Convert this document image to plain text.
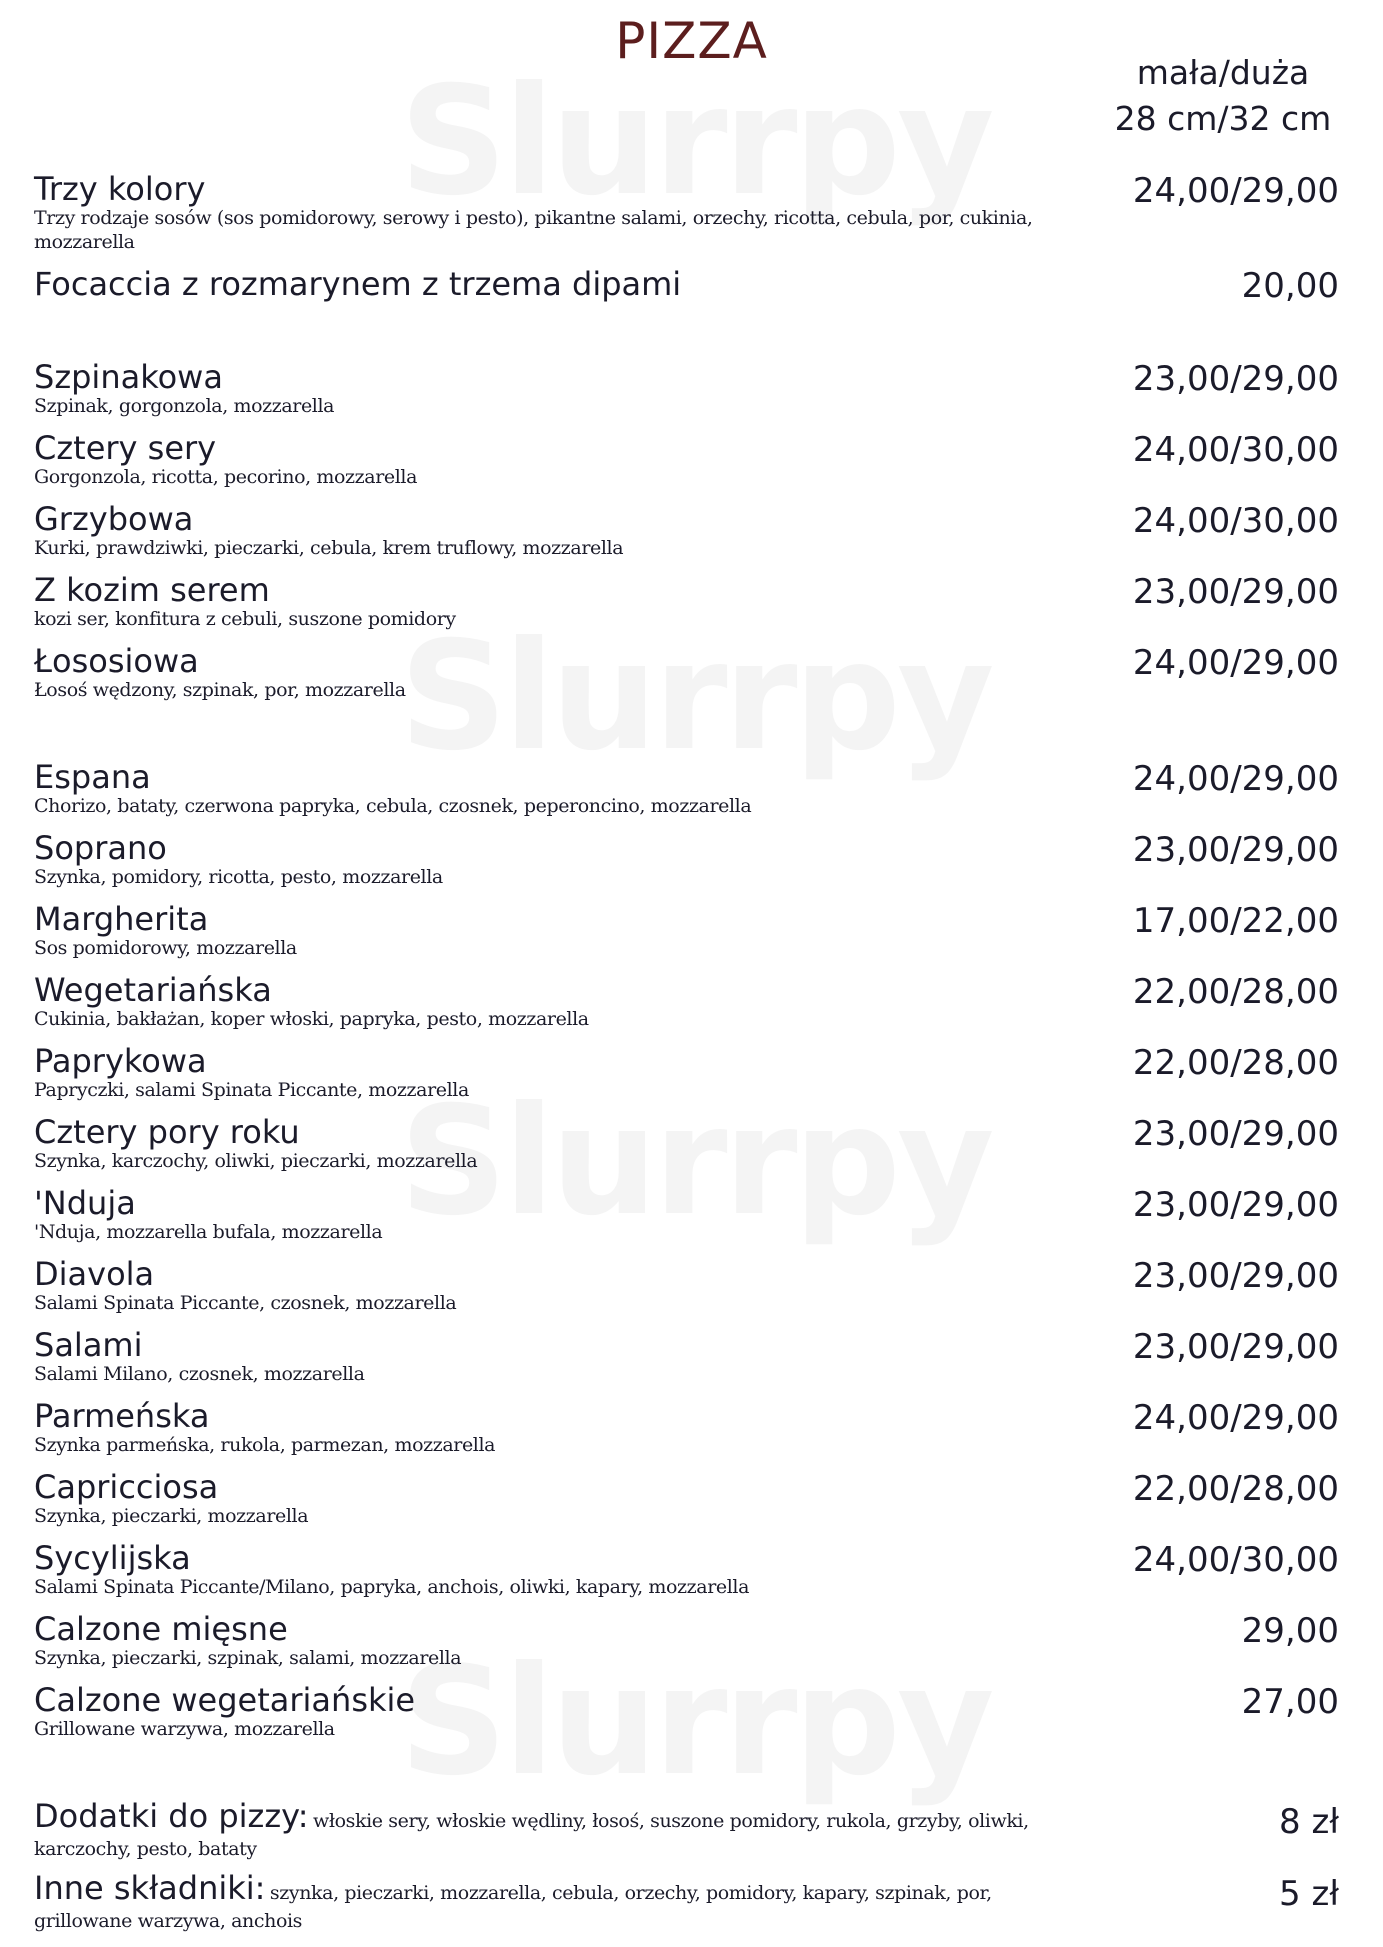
PIZZA
mała/duża
28 cm/32 cm
Trzy kolory
Trzy rodzaje sosów (sos pomidorowy, serowy i pesto), pikantne salami, orzechy, ricotta, cebula, por, cukinia, mozzarella
24,00/29,00
Focaccia z rozmarynem z trzema dipami	20,00
Szpinakowa
Szpinak, gorgonzola, mozzarella
23,00/29,00
Cztery sery
Gorgonzola, ricotta, pecorino, mozzarella
24,00/30,00
Grzybowa
Kurki, prawdziwki, pieczarki, cebula, krem truflowy, mozzarella
24,00/30,00
Z kozim serem
kozi ser, konfitura z cebuli, suszone pomidory
23,00/29,00
Łososiowa
Łosoś wędzony, szpinak, por, mozzarella
24,00/29,00
Espana
Chorizo, bataty, czerwona papryka, cebula, czosnek, peperoncino, mozzarella
24,00/29,00
Soprano
Szynka, pomidory, ricotta, pesto, mozzarella
23,00/29,00
Margherita
Sos pomidorowy, mozzarella
17,00/22,00
Wegetariańska
Cukinia, bakłażan, koper włoski, papryka, pesto, mozzarella
22,00/28,00
Paprykowa
Papryczki, salami Spinata Piccante, mozzarella
22,00/28,00
Cztery pory roku
Szynka, karczochy, oliwki, pieczarki, mozzarella
23,00/29,00
'Nduja
'Nduja, mozzarella bufala, mozzarella
23,00/29,00
Diavola
Salami Spinata Piccante, czosnek, mozzarella
23,00/29,00
Salami
Salami Milano, czosnek, mozzarella
23,00/29,00
Parmeńska
Szynka parmeńska, rukola, parmezan, mozzarella
24,00/29,00
Capricciosa
Szynka, pieczarki, mozzarella
22,00/28,00
Sycylijska
Salami Spinata Piccante/Milano, papryka, anchois, oliwki, kapary, mozzarella
24,00/30,00
Calzone mięsne
Szynka, pieczarki, szpinak, salami, mozzarella
29,00
Calzone wegetariańskie
Grillowane warzywa, mozzarella
27,00
Dodatki do pizzy: włoskie sery, włoskie wędliny, łosoś, suszone pomidory, rukola, grzyby, oliwki, karczochy, pesto, bataty
8 zł
Inne składniki: szynka, pieczarki, mozzarella, cebula, orzechy, pomidory, kapary, szpinak, por, grillowane warzywa, anchois
5 zł
